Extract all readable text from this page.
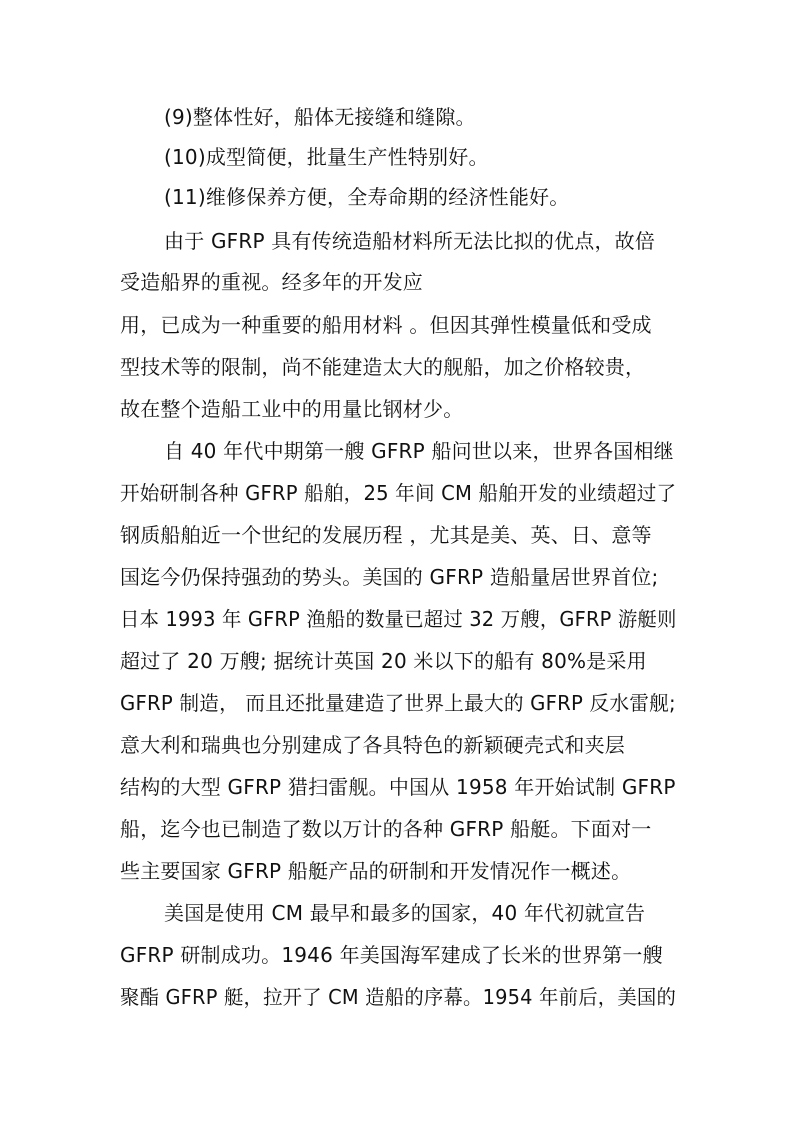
(9)整体性好，船体无接缝和缝隙。
(10)成型简便，批量生产性特别好。
(11)维修保养方便，全寿命期的经济性能好。
由于 GFRP 具有传统造船材料所无法比拟的优点，故倍
受造船界的重视。经多年的开发应
用，已成为一种重要的船用材料 。但因其弹性模量低和受成
型技术等的限制，尚不能建造太大的舰船，加之价格较贵，
故在整个造船工业中的用量比钢材少。
自 40 年代中期第一艘 GFRP 船问世以来，世界各国相继
开始研制各种 GFRP 船舶，25 年间 CM 船舶开发的业绩超过了
钢质船舶近一个世纪的发展历程 ，尤其是美、英、日、意等
国迄今仍保持强劲的势头。美国的 GFRP 造船量居世界首位;
日本 1993 年 GFRP 渔船的数量已超过 32 万艘，GFRP 游艇则
超过了 20 万艘; 据统计英国 20 米以下的船有 80%是采用
GFRP 制造， 而且还批量建造了世界上最大的 GFRP 反水雷舰;
意大利和瑞典也分别建成了各具特色的新颖硬壳式和夹层
结构的大型 GFRP 猎扫雷舰。中国从 1958 年开始试制 GFRP
船，迄今也已制造了数以万计的各种 GFRP 船艇。下面对一
些主要国家 GFRP 船艇产品的研制和开发情况作一概述。
美国是使用 CM 最早和最多的国家，40 年代初就宣告
GFRP 研制成功。1946 年美国海军建成了长米的世界第一艘
聚酯 GFRP 艇，拉开了 CM 造船的序幕。1954 年前后，美国的
